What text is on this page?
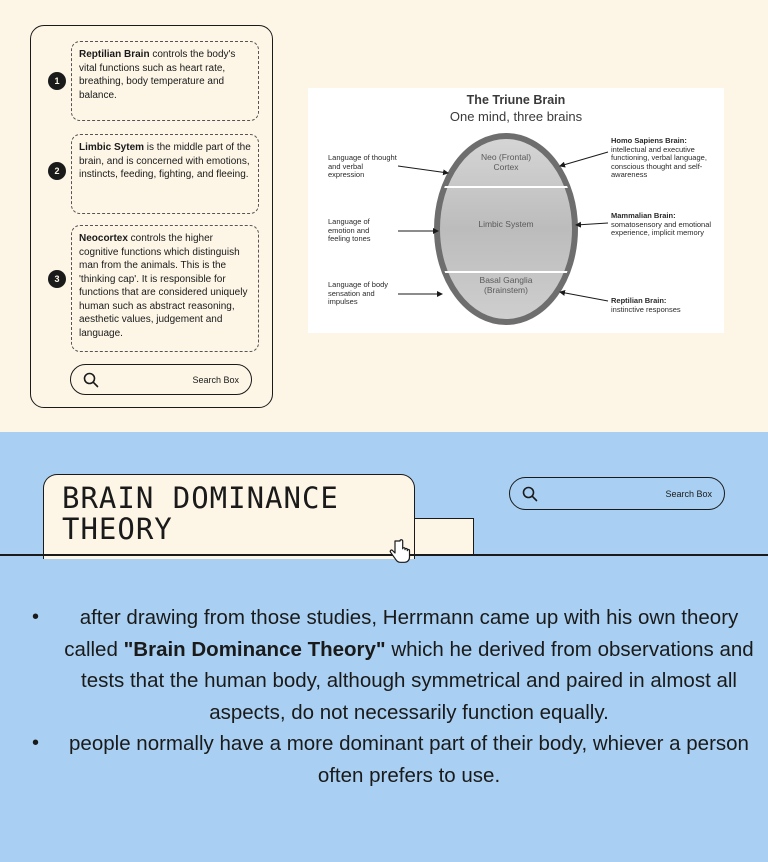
1
Reptilian Brain controls the body's vital functions such as heart rate, breathing, body temperature and balance.
2
Limbic Sytem is the middle part of the brain, and is concerned with emotions, instincts, feeding, fighting, and fleeing.
3
Neocortex controls the higher cognitive functions which distinguish man from the animals. This is the 'thinking cap'. It is responsible for functions that are considered uniquely human such as abstract reasoning, aesthetic values, judgement and language.
Search Box
The Triune Brain
One mind, three brains
Neo (Frontal) Cortex
Limbic System
Basal Ganglia (Brainstem)
Language of thought and verbal expression
Language of emotion and feeling tones
Language of body sensation and impulses
Homo Sapiens Brain:
intellectual and executive functioning, verbal language, conscious thought and self-awareness
Mammalian Brain:
somatosensory and emotional experience, implicit memory
Reptilian Brain:
instinctive responses
BRAIN DOMINANCE THEORY
Search Box
• after drawing from those studies, Herrmann came up with his own theory called "Brain Dominance Theory" which he derived from observations and tests that the human body, although symmetrical and paired in almost all aspects, do not necessarily function equally.
• people normally have a more dominant part of their body, whiever a person often prefers to use.
